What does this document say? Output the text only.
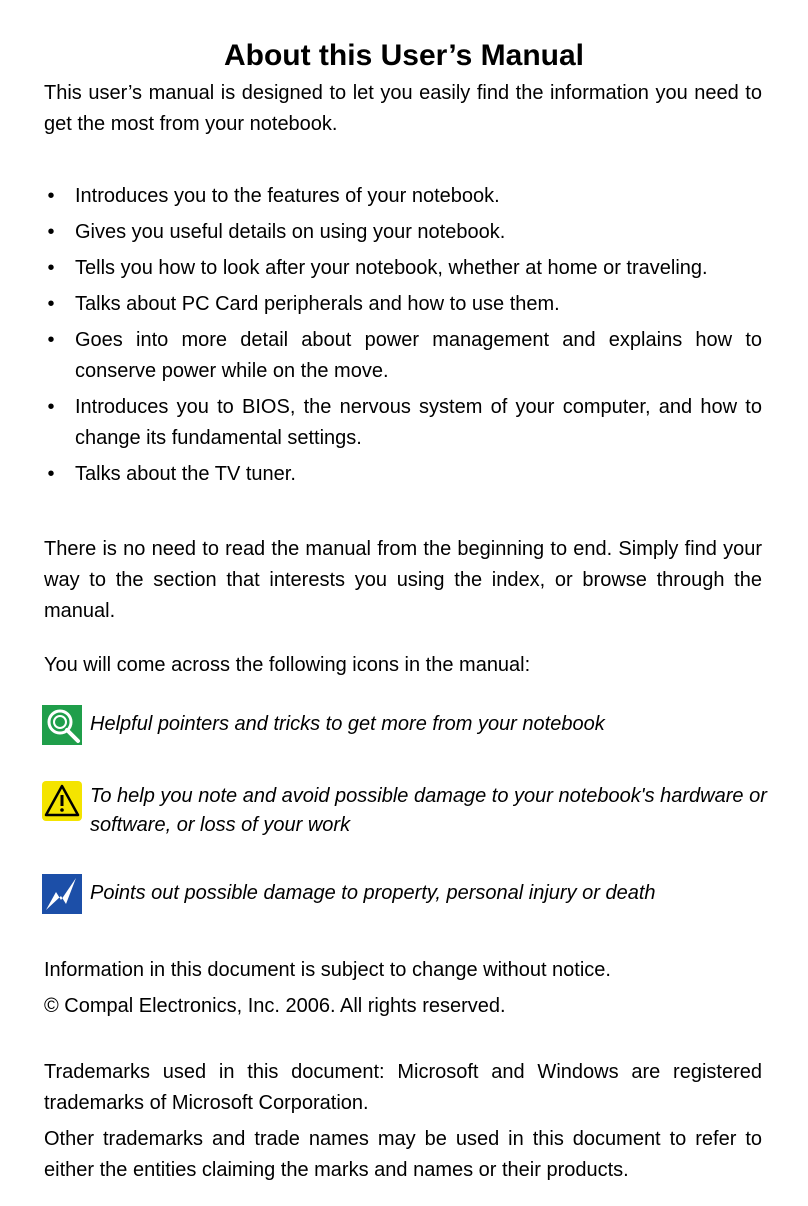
About this User’s Manual

This user’s manual is designed to let you easily find the information you need to get the most from your notebook.

• Introduces you to the features of your notebook.
• Gives you useful details on using your notebook.
• Tells you how to look after your notebook, whether at home or traveling.
• Talks about PC Card peripherals and how to use them.
• Goes into more detail about power management and explains how to conserve power while on the move.
• Introduces you to BIOS, the nervous system of your computer, and how to change its fundamental settings.
• Talks about the TV tuner.

There is no need to read the manual from the beginning to end. Simply find your way to the section that interests you using the index, or browse through the manual.

You will come across the following icons in the manual:

Helpful pointers and tricks to get more from your notebook

To help you note and avoid possible damage to your notebook's hardware or software, or loss of your work

Points out possible damage to property, personal injury or death

Information in this document is subject to change without notice.

© Compal Electronics, Inc. 2006. All rights reserved.

Trademarks used in this document: Microsoft and Windows are registered trademarks of Microsoft Corporation.

Other trademarks and trade names may be used in this document to refer to either the entities claiming the marks and names or their products.
